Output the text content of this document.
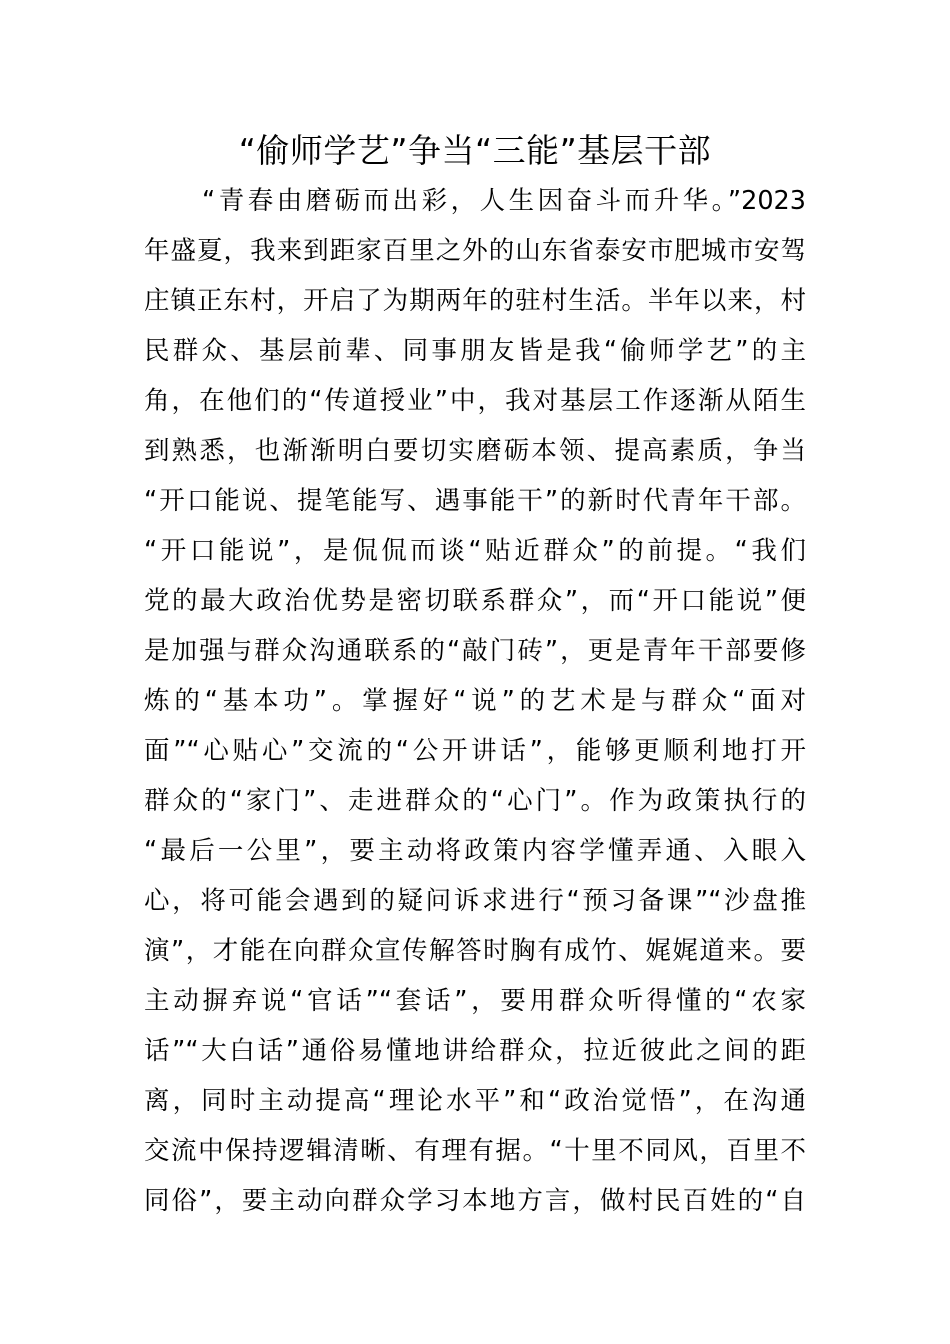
“偷师学艺”争当“三能”基层干部
　　“青春由磨砺而出彩，人生因奋斗而升华。”2023
年盛夏，我来到距家百里之外的山东省泰安市肥城市安驾
庄镇正东村，开启了为期两年的驻村生活。半年以来，村
民群众、基层前辈、同事朋友皆是我“偷师学艺”的主
角，在他们的“传道授业”中，我对基层工作逐渐从陌生
到熟悉，也渐渐明白要切实磨砺本领、提高素质，争当
“开口能说、提笔能写、遇事能干”的新时代青年干部。
“开口能说”，是侃侃而谈“贴近群众”的前提。“我们
党的最大政治优势是密切联系群众”，而“开口能说”便
是加强与群众沟通联系的“敲门砖”，更是青年干部要修
炼的“基本功”。掌握好“说”的艺术是与群众“面对
面”“心贴心”交流的“公开讲话”，能够更顺利地打开
群众的“家门”、走进群众的“心门”。作为政策执行的
“最后一公里”，要主动将政策内容学懂弄通、入眼入
心，将可能会遇到的疑问诉求进行“预习备课”“沙盘推
演”，才能在向群众宣传解答时胸有成竹、娓娓道来。要
主动摒弃说“官话”“套话”，要用群众听得懂的“农家
话”“大白话”通俗易懂地讲给群众，拉近彼此之间的距
离，同时主动提高“理论水平”和“政治觉悟”，在沟通
交流中保持逻辑清晰、有理有据。“十里不同风，百里不
同俗”，要主动向群众学习本地方言，做村民百姓的“自
